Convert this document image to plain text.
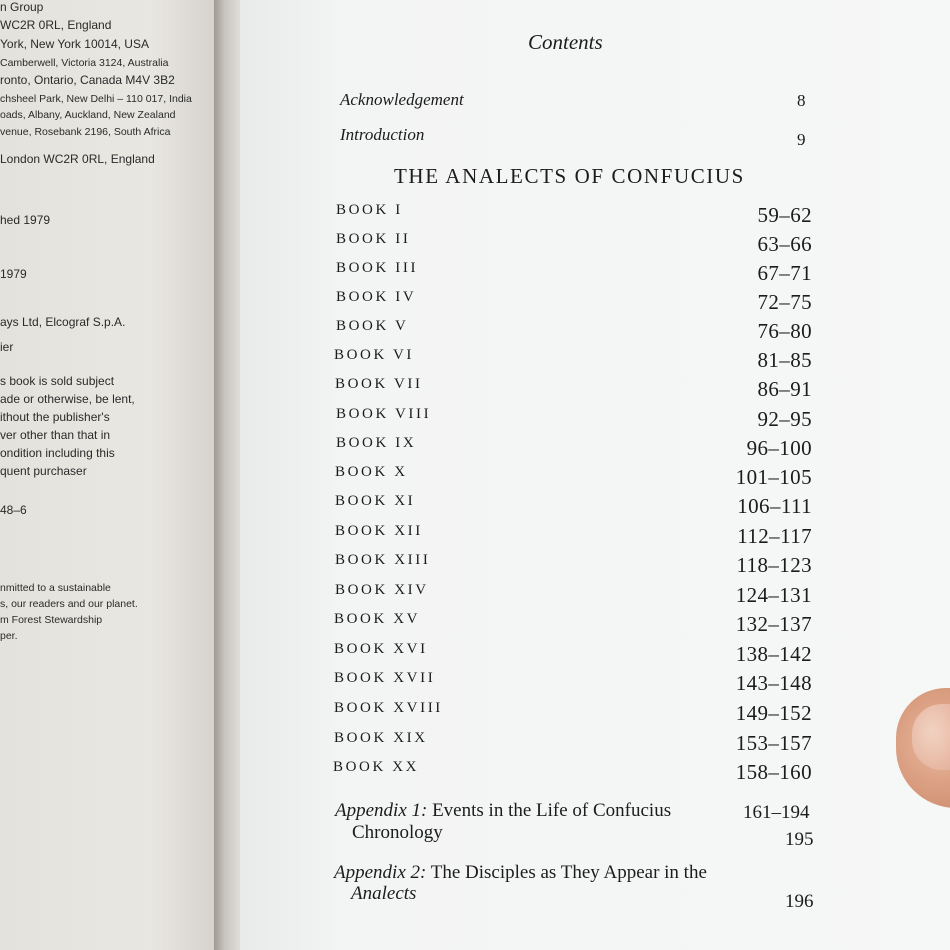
n Group
WC2R 0RL, England
York, New York 10014, USA
Camberwell, Victoria 3124, Australia
ronto, Ontario, Canada M4V 3B2
chsheel Park, New Delhi – 110 017, India
oads, Albany, Auckland, New Zealand
venue, Rosebank 2196, South Africa
London WC2R 0RL, England
hed 1979
1979
ays Ltd, Elcograf S.p.A.
ier
s book is sold subject
ade or otherwise, be lent,
ithout the publisher's
ver other than that in
ondition including this
quent purchaser
48–6
nmitted to a sustainable
s, our readers and our planet.
m Forest Stewardship
per.
Contents
Acknowledgement	8
Introduction	9
THE ANALECTS OF CONFUCIUS
BOOK I	59–62
BOOK II	63–66
BOOK III	67–71
BOOK IV	72–75
BOOK V	76–80
BOOK VI	81–85
BOOK VII	86–91
BOOK VIII	92–95
BOOK IX	96–100
BOOK X	101–105
BOOK XI	106–111
BOOK XII	112–117
BOOK XIII	118–123
BOOK XIV	124–131
BOOK XV	132–137
BOOK XVI	138–142
BOOK XVII	143–148
BOOK XVIII	149–152
BOOK XIX	153–157
BOOK XX	158–160
Appendix 1: Events in the Life of Confucius	161–194
Chronology	195
Appendix 2: The Disciples as They Appear in the
Analects	196
